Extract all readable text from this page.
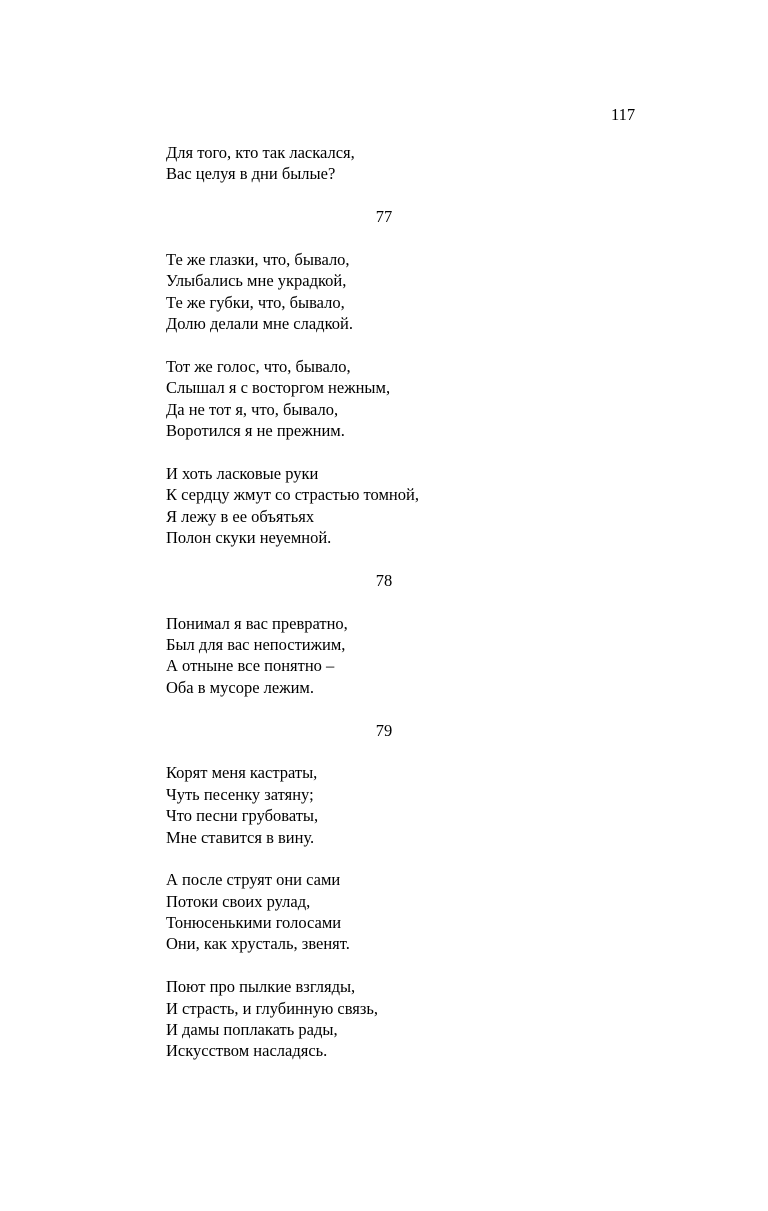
117
Для того, кто так ласкался,
Вас целуя в дни былые?
77
Те же глазки, что, бывало,
Улыбались мне украдкой,
Те же губки, что, бывало,
Долю делали мне сладкой.
Тот же голос, что, бывало,
Слышал я с восторгом нежным,
Да не тот я, что, бывало,
Воротился я не прежним.
И хоть ласковые руки
К сердцу жмут со страстью томной,
Я лежу в ее объятьях
Полон скуки неуемной.
78
Понимал я вас превратно,
Был для вас непостижим,
А отныне все понятно –
Оба в мусоре лежим.
79
Корят меня кастраты,
Чуть песенку затяну;
Что песни грубоваты,
Мне ставится в вину.
А после струят они сами
Потоки своих рулад,
Тонюсенькими голосами
Они, как хрусталь, звенят.
Поют про пылкие взгляды,
И страсть, и глубинную связь,
И дамы поплакать рады,
Искусством насладясь.
